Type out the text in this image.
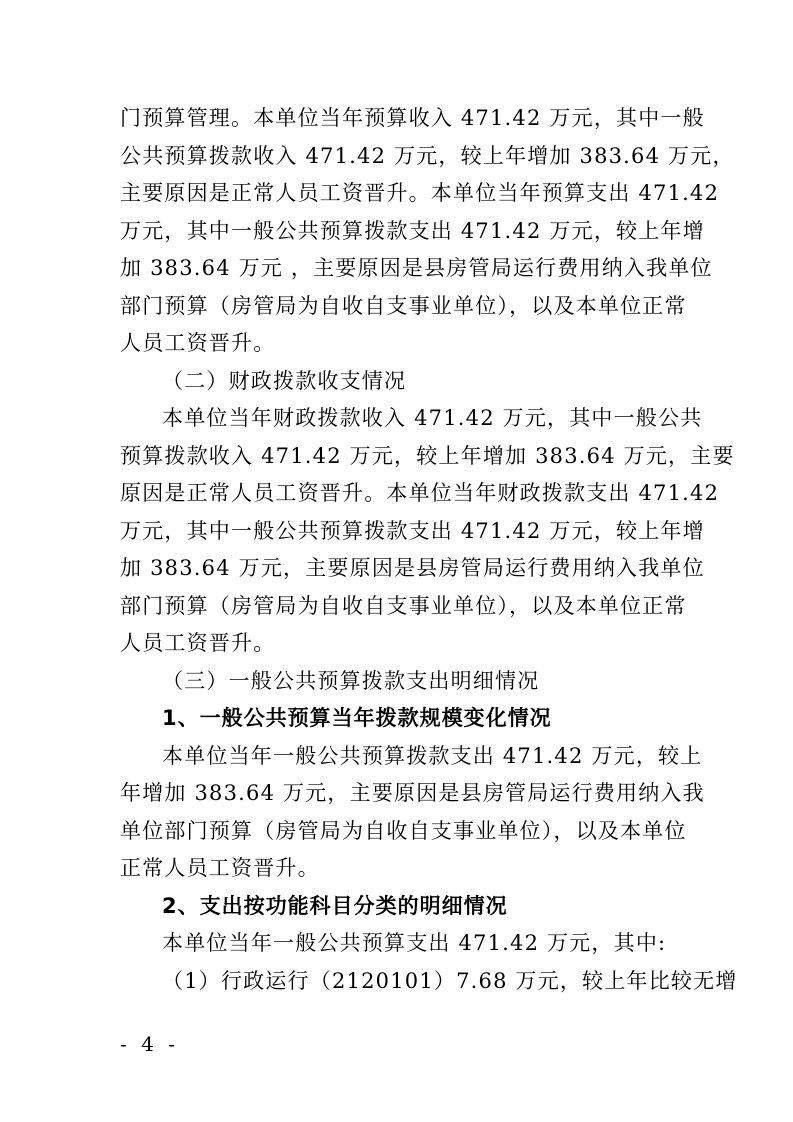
门预算管理。本单位当年预算收入 471.42 万元，其中一般
公共预算拨款收入 471.42 万元，较上年增加 383.64 万元，
主要原因是正常人员工资晋升。本单位当年预算支出 471.42
万元，其中一般公共预算拨款支出 471.42 万元，较上年增
加 383.64 万元 ，主要原因是县房管局运行费用纳入我单位
部门预算（房管局为自收自支事业单位），以及本单位正常
人员工资晋升。
（二）财政拨款收支情况
本单位当年财政拨款收入 471.42 万元，其中一般公共
预算拨款收入 471.42 万元，较上年增加 383.64 万元，主要
原因是正常人员工资晋升。本单位当年财政拨款支出 471.42
万元，其中一般公共预算拨款支出 471.42 万元，较上年增
加 383.64 万元，主要原因是县房管局运行费用纳入我单位
部门预算（房管局为自收自支事业单位），以及本单位正常
人员工资晋升。
（三）一般公共预算拨款支出明细情况
1、一般公共预算当年拨款规模变化情况
本单位当年一般公共预算拨款支出 471.42 万元，较上
年增加 383.64 万元，主要原因是县房管局运行费用纳入我
单位部门预算（房管局为自收自支事业单位），以及本单位
正常人员工资晋升。
2、支出按功能科目分类的明细情况
本单位当年一般公共预算支出 471.42 万元，其中:
（1）行政运行（2120101）7.68 万元，较上年比较无增
- 4 -
